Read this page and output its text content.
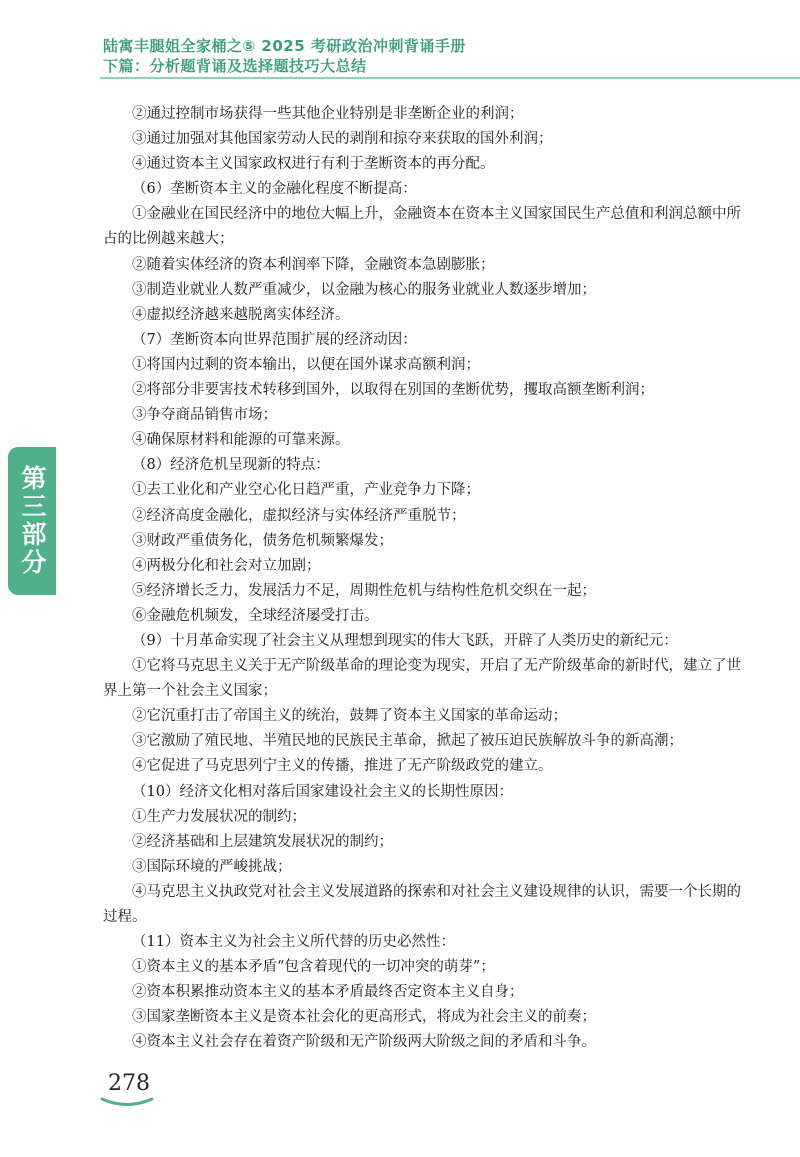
陆寓丰腿姐全家桶之⑤ 2025 考研政治冲刺背诵手册
下篇：分析题背诵及选择题技巧大总结
第三部分

②通过控制市场获得一些其他企业特别是非垄断企业的利润；

③通过加强对其他国家劳动人民的剥削和掠夺来获取的国外利润；

④通过资本主义国家政权进行有利于垄断资本的再分配。

（6）垄断资本主义的金融化程度不断提高：

①金融业在国民经济中的地位大幅上升，金融资本在资本主义国家国民生产总值和利润总额中所占的比例越来越大；

②随着实体经济的资本利润率下降，金融资本急剧膨胀；

③制造业就业人数严重减少，以金融为核心的服务业就业人数逐步增加；

④虚拟经济越来越脱离实体经济。

（7）垄断资本向世界范围扩展的经济动因：

①将国内过剩的资本输出，以便在国外谋求高额利润；

②将部分非要害技术转移到国外，以取得在别国的垄断优势，攫取高额垄断利润；

③争夺商品销售市场；

④确保原材料和能源的可靠来源。

（8）经济危机呈现新的特点：

①去工业化和产业空心化日趋严重，产业竞争力下降；

②经济高度金融化，虚拟经济与实体经济严重脱节；

③财政严重债务化，债务危机频繁爆发；

④两极分化和社会对立加剧；

⑤经济增长乏力，发展活力不足，周期性危机与结构性危机交织在一起；

⑥金融危机频发，全球经济屡受打击。

（9）十月革命实现了社会主义从理想到现实的伟大飞跃，开辟了人类历史的新纪元：

①它将马克思主义关于无产阶级革命的理论变为现实，开启了无产阶级革命的新时代，建立了世界上第一个社会主义国家；

②它沉重打击了帝国主义的统治，鼓舞了资本主义国家的革命运动；

③它激励了殖民地、半殖民地的民族民主革命，掀起了被压迫民族解放斗争的新高潮；

④它促进了马克思列宁主义的传播，推进了无产阶级政党的建立。

（10）经济文化相对落后国家建设社会主义的长期性原因：

①生产力发展状况的制约；

②经济基础和上层建筑发展状况的制约；

③国际环境的严峻挑战；

④马克思主义执政党对社会主义发展道路的探索和对社会主义建设规律的认识，需要一个长期的过程。

（11）资本主义为社会主义所代替的历史必然性：

①资本主义的基本矛盾“包含着现代的一切冲突的萌芽”；

②资本积累推动资本主义的基本矛盾最终否定资本主义自身；

③国家垄断资本主义是资本社会化的更高形式，将成为社会主义的前奏；

④资本主义社会存在着资产阶级和无产阶级两大阶级之间的矛盾和斗争。

278
